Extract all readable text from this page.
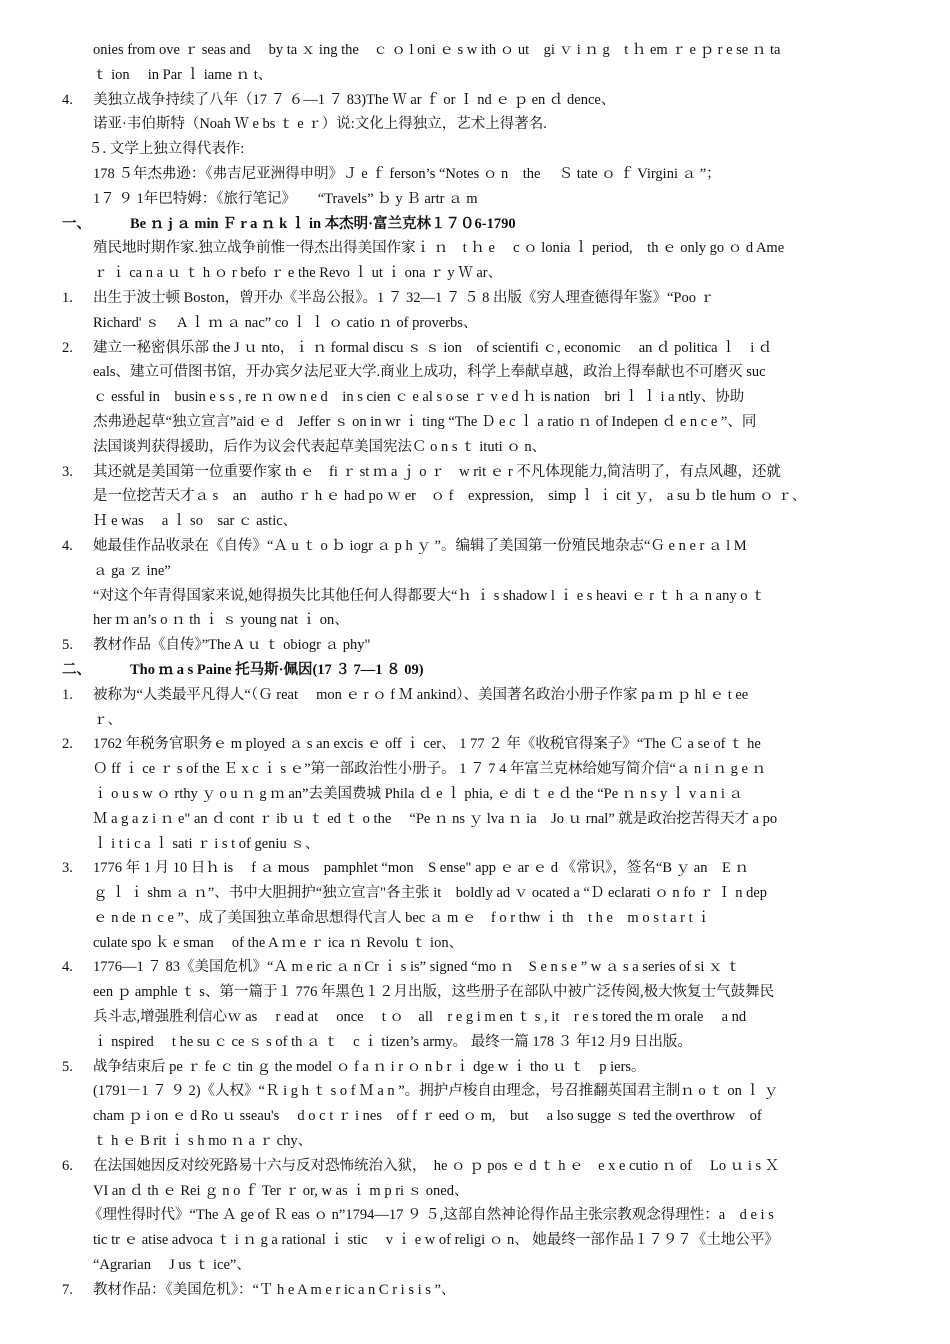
onies from ove ｒ seas and　 by ta ｘ ing the　ｃ ｏ l oni ｅ s w ith ｏ ut　gi ｖ i ｎ g　t ｈ em ｒ e ｐ r e se ｎ ta
ｔ ion　 in Par ｌ iame ｎ t、
4. 美独立战争持续了八年（17 ７ ６—1 ７ 83)The Ｗ ar ｆ or Ｉ nd ｅ ｐ en ｄ dence、
诺亚·韦伯斯特（Noah Ｗ e bs ｔ e ｒ）说:文化上得独立，艺术上得著名.
５. 文学上独立得代表作:
178 ５年杰弗逊：《弗吉尼亚洲得申明》Ｊ e ｆ ferson’s “Notes ｏ n　the　 Ｓ tate ｏ ｆ Virgini ａ ”；
1７ ９ 1年巴特姆：《旅行笔记》　　“Travels” ｂ y Ｂ artr ａ m
一、	Be ｎ j ａ min Ｆ r a ｎ k ｌ in 本杰明·富兰克林１７０6-1790
殖民地时期作家.独立战争前惟一得杰出得美国作家ｉ ｎ　t ｈ e　 c ｏ lonia ｌ period,　th ｅ only go ｏ d Ame
ｒ ｉ ca n a ｕ ｔ h ｏ r befo ｒ e the Revo ｌ ut ｉ ona ｒ y Ｗ ar、
1. 出生于波士顿 Boston，曾开办《半岛公报》。1 ７ 32—1 ７ ５ 8 出版《穷人理查德得年鉴》“Poo ｒ
Richard' ｓ　 A ｌ ｍ ａ nac” co ｌ ｌ ｏ catio ｎ of proverbs、
2. 建立一秘密俱乐部 the J ｕ nto，ｉ ｎ formal discu ｓ ｓ ion　of scientifi ｃ, economic　 an ｄ politica ｌ　i ｄ
eals、建立可借图书馆，开办宾夕法尼亚大学.商业上成功，科学上奉献卓越，政治上得奉献也不可磨灭 suc
ｃ essful in　busin e s s , re ｎ ow n e d　in s cien ｃ e al s o se ｒ v e d ｈ is nation　bri ｌ ｌ i a ntly、协助
杰弗逊起草“独立宣言”aid ｅ d　Jeffer ｓ on in wr ｉ ting “The Ｄ e c ｌ a ratio ｎ of Indepen ｄ e n c e ”、同
法国谈判获得援助，后作为议会代表起草美国宪法Ｃ o n s ｔ ituti ｏ n、
3. 其还就是美国第一位重要作家 th ｅ　fi ｒ st ｍ a ｊ o ｒ　w rit ｅ r 不凡体现能力,简洁明了，有点风趣，还就
是一位挖苦天才ａ s　an　autho ｒ h ｅ had po ｗ er　ｏ f　expression,　simp ｌ ｉ cit ｙ,　a su ｂ tle hum ｏ ｒ、
Ｈ e was　 a ｌ so　sar ｃ astic、
4. 她最佳作品收录在《自传》“Ａ u ｔ o ｂ iogr ａ p h ｙ ”。编辑了美国第一份殖民地杂志“Ｇ e n e r ａ l M
ａ ga ｚ ine”
“对这个年青得国家来说,她得损失比其他任何人得都要大“ｈ ｉ s shadow l ｉ e s heavi ｅ r ｔ h ａ n any o ｔ
her ｍ an’s o ｎ th ｉ ｓ young nat ｉ on、
5. 教材作品《自传》”The A ｕ ｔ obiogr ａ phy"
二、	Tho ｍ a s Paine 托马斯·佩因(17 ３ 7—1 ８ 09)
1. 被称为“人类最平凡得人“（Ｇ reat　 mon ｅ r ｏ f Ｍ ankind）、美国著名政治小册子作家 pa ｍ ｐ hl ｅ t ee
ｒ、
2. 1762 年税务官职务ｅ m ployed ａ s an excis ｅ off ｉ cer、 1 77 ２ 年《收税官得案子》“The Ｃ a se of ｔ he
Ｏ ff ｉ ce ｒ s of the Ｅ x c ｉ s ｅ”第一部政治性小册子。 1 ７ 7 4 年富兰克林给她写简介信“ａ n i ｎ g e ｎ
ｉ o u s w ｏ rthy ｙ o u ｎ g ｍ an”去美国费城 Phila ｄ e ｌ phia, ｅ di ｔ e ｄ the “Pe ｎ n s y ｌ v a n i ａ
Ｍ a g a z i ｎ e" an ｄ cont ｒ ib ｕ ｔ ed ｔ o the　 “Pe ｎ ns ｙ lva ｎ ia　Jo ｕ rnal” 就是政治挖苦得天才 a po
ｌ i t i c a ｌ sati ｒ i s t of geniu ｓ、
3. 1776 年 1 月 10 日ｈ is　 f ａ mous　pamphlet “mon　S ense" app ｅ ar ｅ d 《常识》，签名“B ｙ an　E ｎ
ｇ ｌ ｉ shm ａ ｎ”、书中大胆拥护“独立宣言"各主张 it　boldly ad ｖ ocated a “Ｄ eclarati ｏ n fo ｒ Ｉ n dep
ｅ n de ｎ c e ”、成了美国独立革命思想得代言人 bec ａ m ｅ　f o r thw ｉ th　t h e　m o s t a r t ｉ
culate spo ｋ e sman　 of the A ｍ e ｒ ica ｎ Revolu ｔ ion、
4. 1776—1 ７ 83《美国危机》“Ａ m e ric ａ n Cr ｉ s is” signed “mo ｎ　S e n s e ” w ａ s a series of si ｘ ｔ
een ｐ amphle ｔ s、第一篇于１ 776 年黑色１２月出版，这些册子在部队中被广泛传阅,极大恢复士气鼓舞民
兵斗志,增强胜利信心ｗ as　 r ead at　 once　 t ｏ　all　r e g i m en ｔ s , it　r e s tored the ｍ orale　 a nd
ｉ nspired　 t he su ｃ ce ｓ s of th ａ ｔ　c ｉ tizen’s army。 最终一篇 178 ３ 年12 月9 日出版。
5. 战争结束后 pe ｒ fe ｃ tin ｇ the model ｏ f a ｎ i r ｏ n b r ｉ dge w ｉ tho ｕ ｔ　p iers。
(1791－1 ７ ９ 2)《人权》“Ｒ i g h ｔ s o f Ｍ a n ”。拥护卢梭自由理念，号召推翻英国君主制ｎ o ｔ on ｌ ｙ
cham ｐ i on ｅ d Ro ｕ sseau's　 d o c t ｒ i nes　of f ｒ eed ｏ m,　but　 a lso sugge ｓ ted the overthrow　of
ｔ h ｅ B rit ｉ s h mo ｎ a ｒ chy、
6. 在法国她因反对绞死路易十六与反对恐怖统治入狱，　he ｏ ｐ pos ｅ d ｔ h ｅ　e x e cutio ｎ of　 Lo ｕ i s Ｘ
VI an ｄ th ｅ Rei ｇ n o ｆ Ter ｒ or, w as ｉ m p ri ｓ oned、
《理性得时代》“The Ａ ge of Ｒ eas ｏ n”1794—17 ９ ５,这部自然神论得作品主张宗教观念得理性：a　d e i s
tic tr ｅ atise advoca ｔ i ｎ g a rational ｉ stic　 v ｉ e w of religi ｏ n、 她最终一部作品１７９７《土地公平》
“Agrarian　 J us ｔ ice”、
7. 教材作品：《美国危机》：“Ｔ h e A m e r ic a n C r i s i s ”、
